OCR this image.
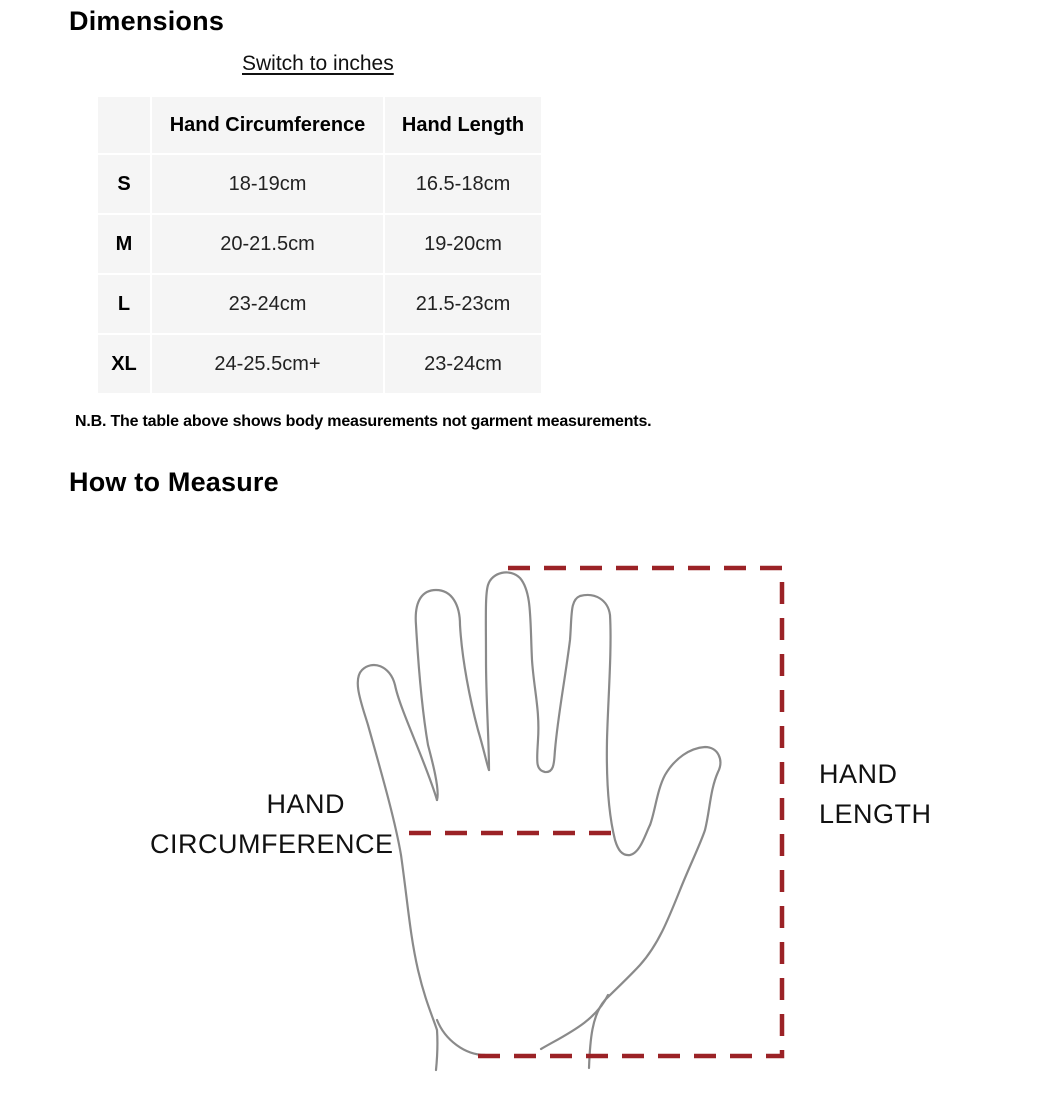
Dimensions
Switch to inches
	Hand Circumference	Hand Length
S	18-19cm	16.5-18cm
M	20-21.5cm	19-20cm
L	23-24cm	21.5-23cm
XL	24-25.5cm+	23-24cm
N.B. The table above shows body measurements not garment measurements.
How to Measure
HAND
CIRCUMFERENCE
HAND
LENGTH
